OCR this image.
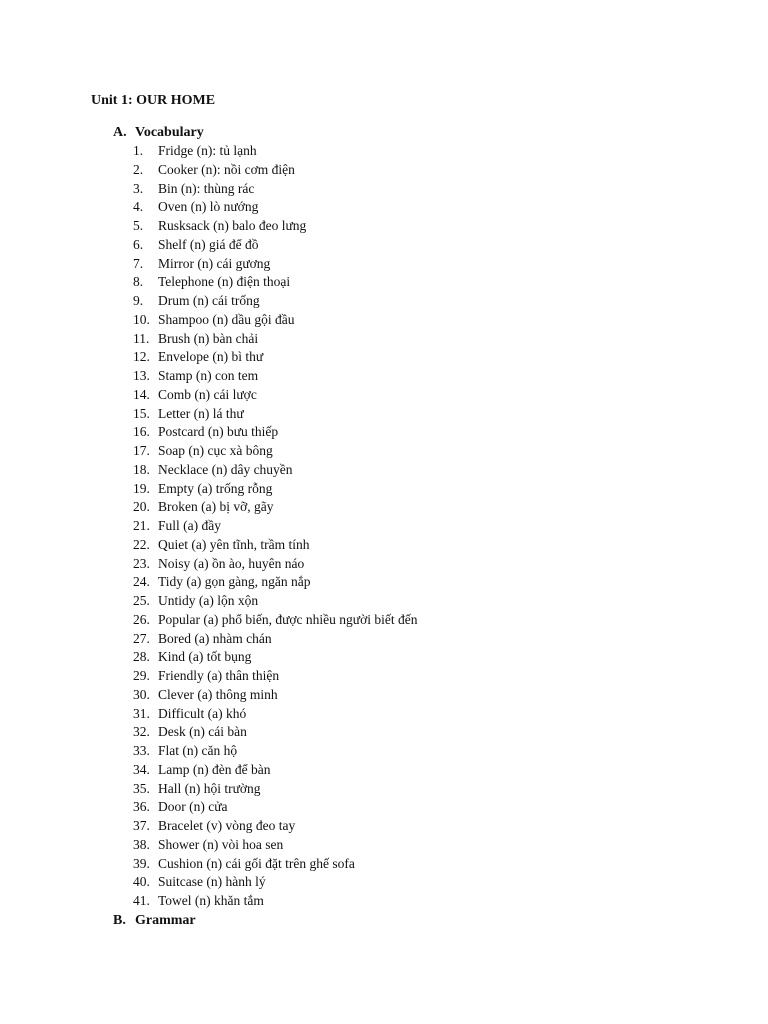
Unit 1: OUR HOME
A. Vocabulary
1. Fridge (n): tủ lạnh
2. Cooker (n): nồi cơm điện
3. Bin (n): thùng rác
4. Oven (n) lò nướng
5. Rusksack (n) balo đeo lưng
6. Shelf (n) giá để đồ
7. Mirror (n) cái gương
8. Telephone (n) điện thoại
9. Drum (n) cái trống
10. Shampoo (n) dầu gội đầu
11. Brush (n) bàn chải
12. Envelope (n) bì thư
13. Stamp (n) con tem
14. Comb (n) cái lược
15. Letter (n) lá thư
16. Postcard (n) bưu thiếp
17. Soap (n) cục xà bông
18. Necklace (n) dây chuyền
19. Empty (a) trống rỗng
20. Broken (a) bị vỡ, gãy
21. Full (a) đầy
22. Quiet (a) yên tĩnh, trầm tính
23. Noisy (a) ồn ào, huyên náo
24. Tidy (a) gọn gàng, ngăn nắp
25. Untidy (a) lộn xộn
26. Popular (a) phổ biến, được nhiều người biết đến
27. Bored (a) nhàm chán
28. Kind (a) tốt bụng
29. Friendly (a) thân thiện
30. Clever (a) thông minh
31. Difficult (a) khó
32. Desk (n) cái bàn
33. Flat (n) căn hộ
34. Lamp (n) đèn để bàn
35. Hall (n) hội trường
36. Door (n) cửa
37. Bracelet (v) vòng đeo tay
38. Shower (n) vòi hoa sen
39. Cushion (n) cái gối đặt trên ghế sofa
40. Suitcase (n) hành lý
41. Towel (n) khăn tắm
B. Grammar
